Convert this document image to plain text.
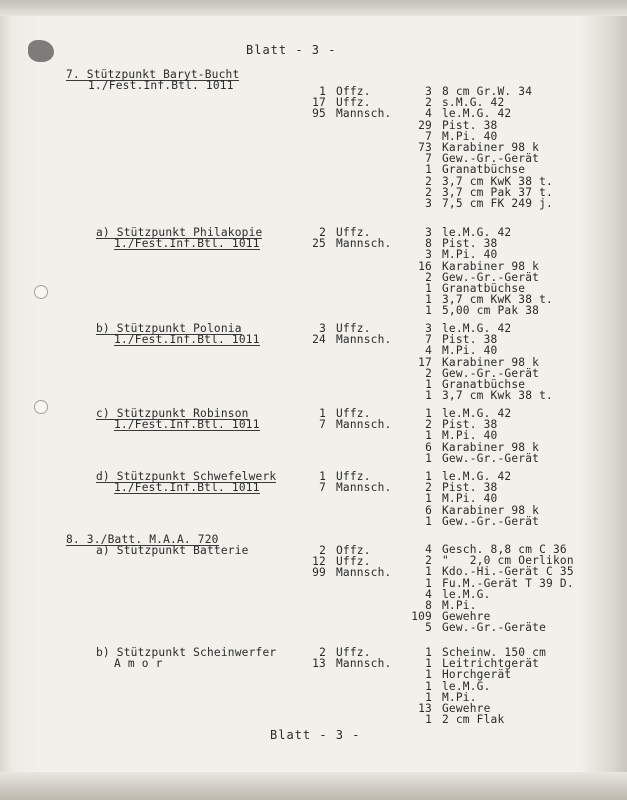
Blatt - 3 -
7. Stützpunkt Baryt-Bucht
1./Fest.Inf.Btl. 1011	1 Offz.
17 Uffz.
95 Mannsch.
3 8 cm Gr.W. 34
2 s.M.G. 42
4 le.M.G. 42
29 Pist. 38
7 M.Pi. 40
73 Karabiner 98 k
7 Gew.-Gr.-Gerät
1 Granatbüchse
2 3,7 cm KwK 38 t.
2 3,7 cm Pak 37 t.
3 7,5 cm FK 249 j.
a) Stützpunkt Philakopie
1./Fest.Inf.Btl. 1011
2 Uffz.
25 Mannsch.
3 le.M.G. 42
8 Pist. 38
3 M.Pi. 40
16 Karabiner 98 k
2 Gew.-Gr.-Gerät
1 Granatbüchse
1 3,7 cm KwK 38 t.
1 5,00 cm Pak 38
b) Stützpunkt Polonia
1./Fest.Inf.Btl. 1011
3 Uffz.
24 Mannsch.
3 le.M.G. 42
7 Pist. 38
4 M.Pi. 40
17 Karabiner 98 k
2 Gew.-Gr.-Gerät
1 Granatbüchse
1 3,7 cm Kwk 38 t.
c) Stützpunkt Robinson
1./Fest.Inf.Btl. 1011
1 Uffz.
7 Mannsch.
1 le.M.G. 42
2 Pist. 38
1 M.Pi. 40
6 Karabiner 98 k
1 Gew.-Gr.-Gerät
d) Stützpunkt Schwefelwerk
1./Fest.Inf.Btl. 1011
1 Uffz.
7 Mannsch.
1 le.M.G. 42
2 Pist. 38
1 M.Pi. 40
6 Karabiner 98 k
1 Gew.-Gr.-Gerät
8. 3./Batt. M.A.A. 720
a) Stützpunkt Batterie	2 Offz.
12 Uffz.
99 Mannsch.
4 Gesch. 8,8 cm C 36
2 "   2,0 cm Oerlikon
1 Kdo.-Hi.-Gerät C 35
1 Fu.M.-Gerät T 39 D.
4 le.M.G.
8 M.Pi.
109 Gewehre
5 Gew.-Gr.-Geräte
b) Stützpunkt Scheinwerfer
A m o r
2 Uffz.
13 Mannsch.
1 Scheinw. 150 cm
1 Leitrichtgerät
1 Horchgerät
1 le.M.G.
1 M.Pi.
13 Gewehre
1 2 cm Flak
Blatt - 3 -
